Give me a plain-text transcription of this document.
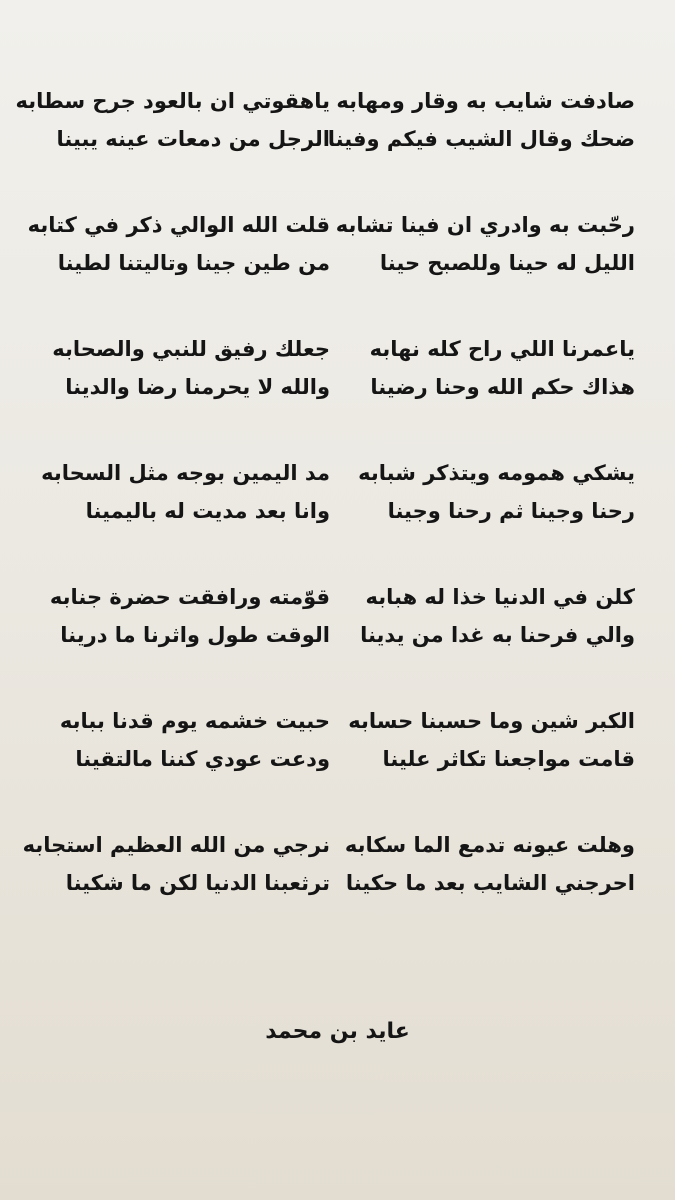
صادفت شايب به وقار ومهابه
ضحك وقال الشيب فيكم وفينا
ياهقوتي ان بالعود جرح سطابه
الرجل من دمعات عينه يبينا
رحّبت به وادري ان فينا تشابه
الليل له حينا وللصبح حينا
قلت الله الوالي ذكر في كتابه
من طين جينا وتاليتنا لطينا
ياعمرنا اللي راح كله نهابه
هذاك حكم الله وحنا رضينا
جعلك رفيق للنبي والصحابه
والله لا يحرمنا رضا والدينا
يشكي همومه ويتذكر شبابه
رحنا وجينا ثم رحنا وجينا
مد اليمين بوجه مثل السحابه
وانا بعد مديت له باليمينا
كلن في الدنيا خذا له هبابه
والي فرحنا به غدا من يدينا
قوّمته ورافقت حضرة جنابه
الوقت طول واثرنا ما درينا
الكبر شين وما حسبنا حسابه
قامت مواجعنا تكاثر علينا
حبيت خشمه يوم قدنا ببابه
ودعت عودي كننا مالتقينا
وهلت عيونه تدمع الما سكابه
احرجني الشايب بعد ما حكينا
نرجي من الله العظيم استجابه
ترثعبنا الدنيا لكن ما شكينا
عايد بن محمد
